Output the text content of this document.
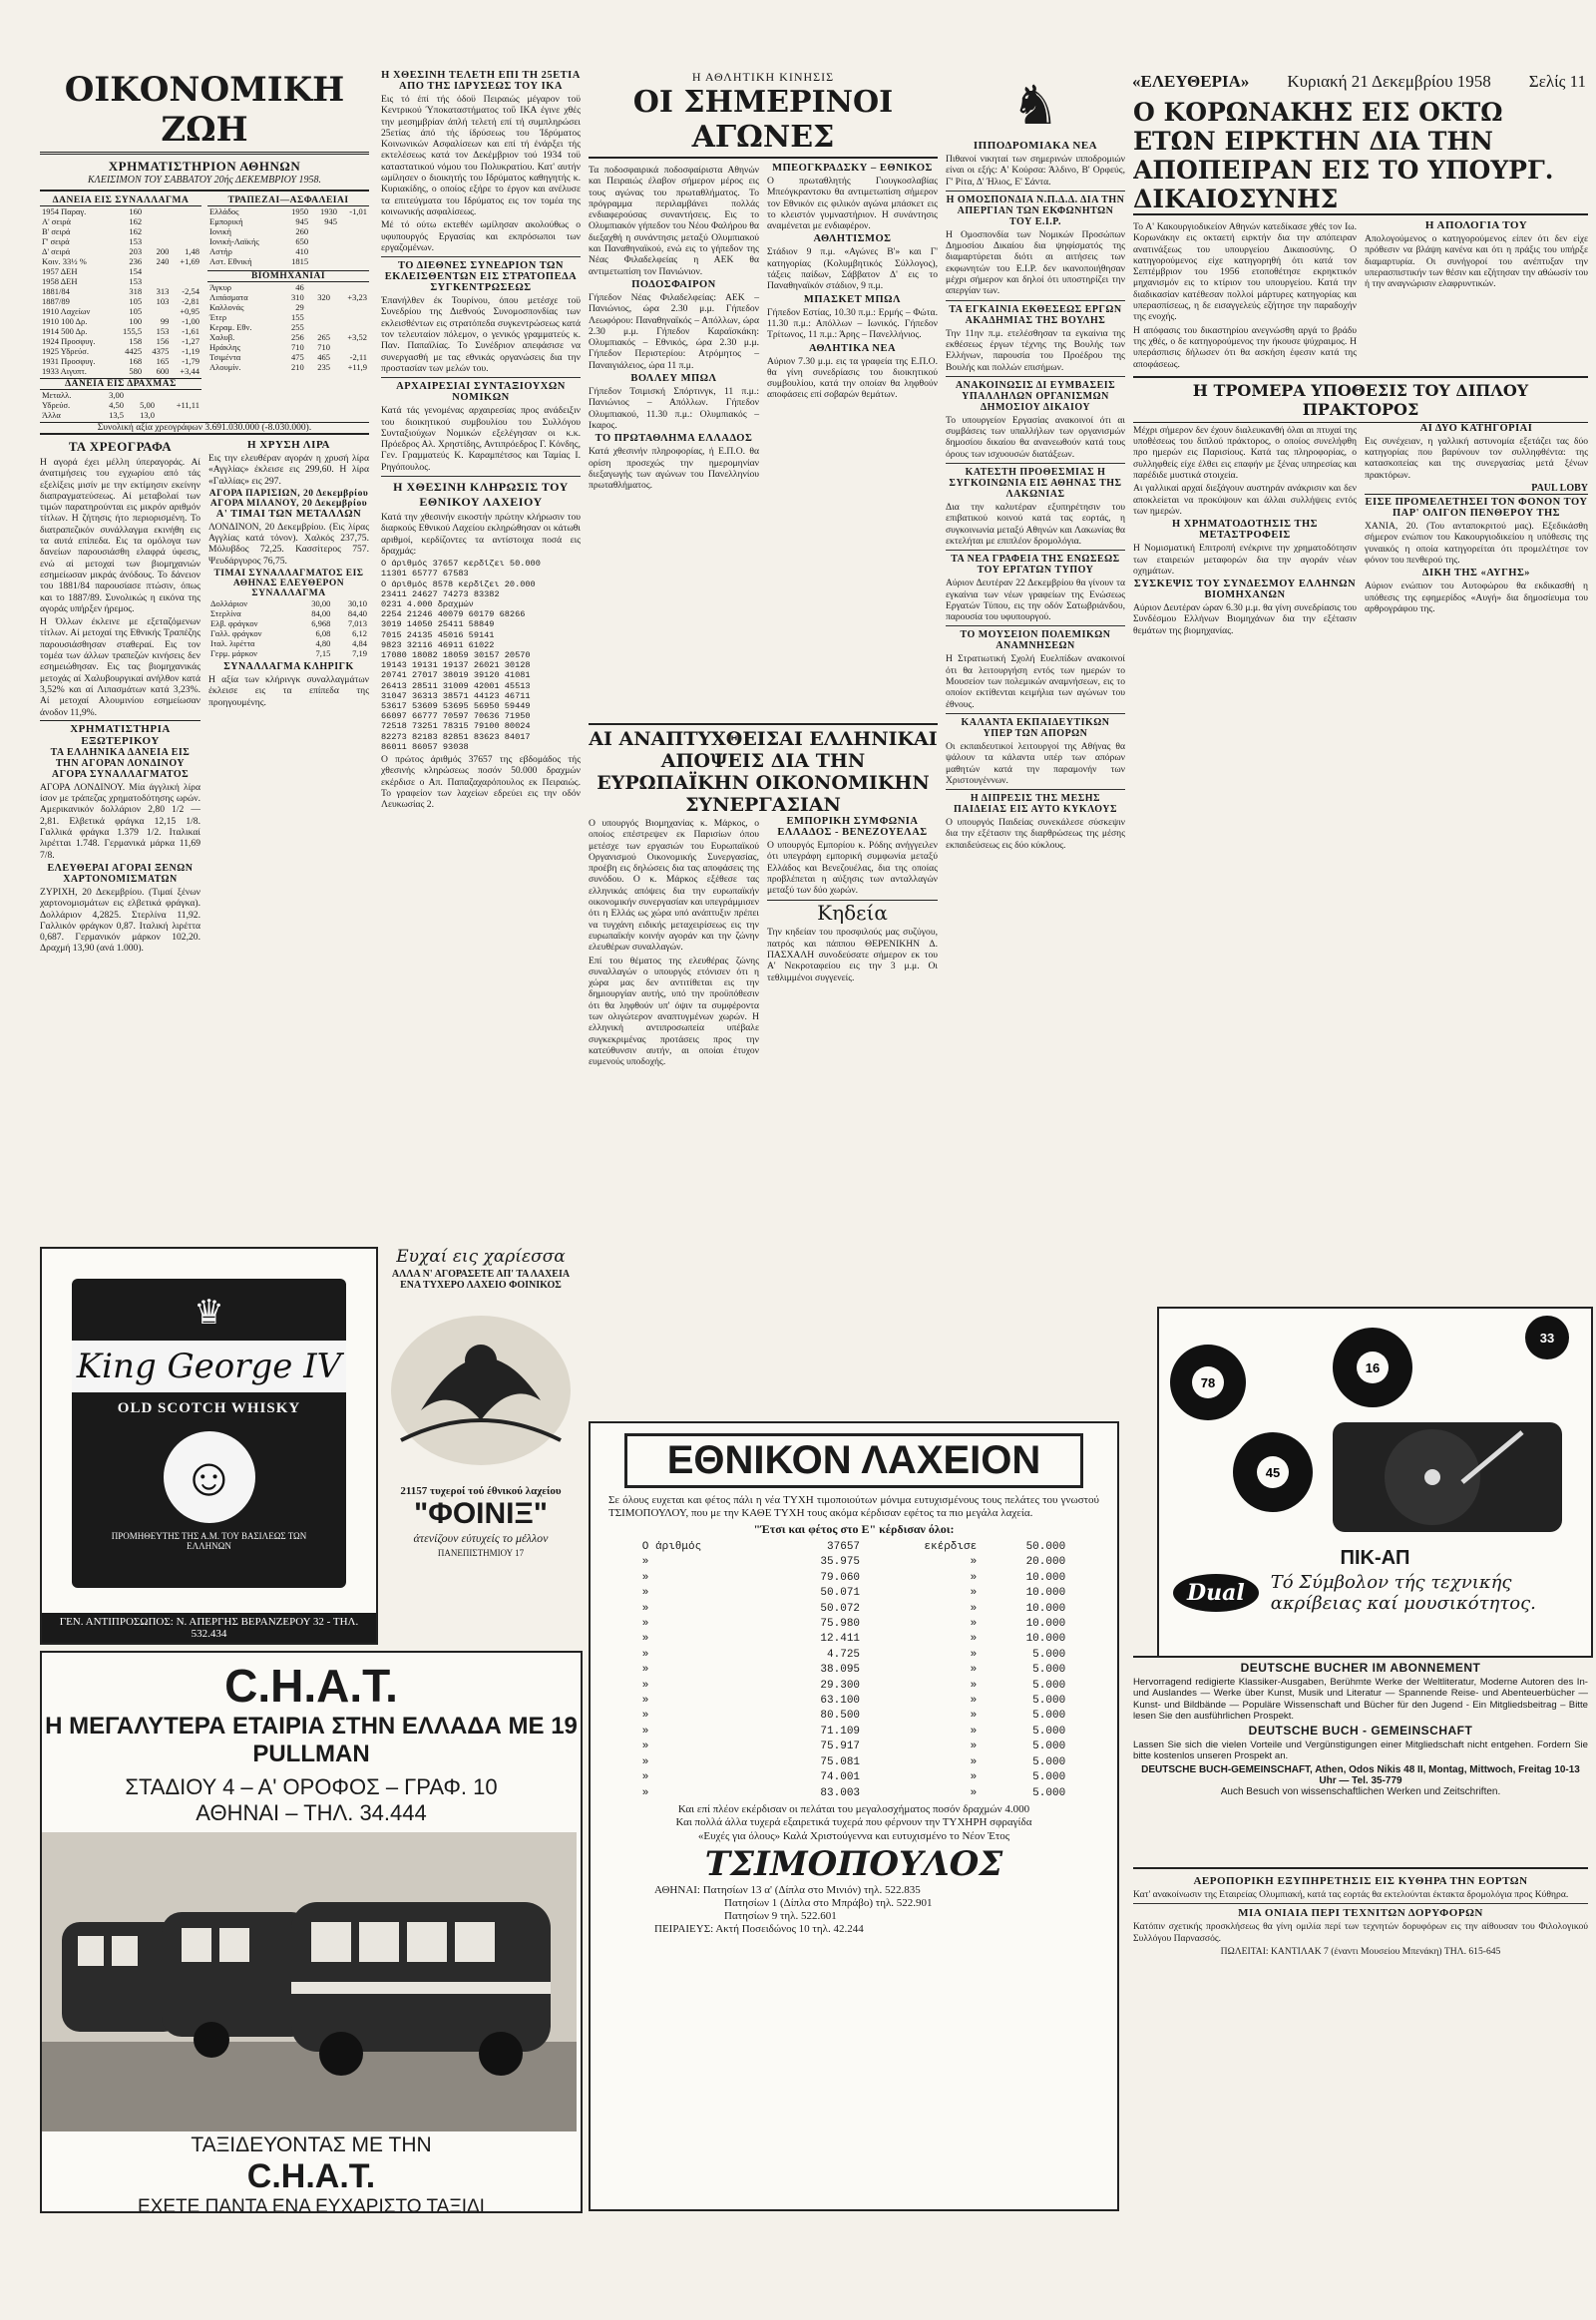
«ΕΛΕΥΘΕΡΙΑ» Κυριακή 21 Δεκεμβρίου 1958 Σελίς 11
ΟΙΚΟΝΟΜΙΚΗ ΖΩΗ
ΧΡΗΜΑΤΙΣΤΗΡΙΟΝ ΑΘΗΝΩΝ
ΚΛΕΙΣΙΜΟΝ ΤΟΥ ΣΑΒΒΑΤΟΥ 20ής ΔΕΚΕΜΒΡΙΟΥ 1958.
ΔΑΝΕΙΑ ΕΙΣ ΣΥΝΑΛΛΑΓΜΑ
1954 Παραγ.	160		
Α' σειρά	162		
Β' σειρά	162		
Γ' σειρά	153		
Δ' σειρά	203	200	1,48
Κοιν. 33½ %	236	240	+1,69
1957 ΔΕΗ	154		
1958 ΔΕΗ	153		
1881/84	318	313	-2,54
1887/89	105	103	-2,81
1910 Λαχείων	105		+0,95
1910 100 Δρ.	100	99	-1,00
1914 500 Δρ.	155,5	153	-1,61
1924 Προσφυγ.	158	156	-1,27
1925 Υδρεύσ.	4425	4375	-1,19
1931 Προσφυγ.	168	165	-1,79
1933 Αιγυπτ.	580	600	+3,44
ΔΑΝΕΙΑ ΕΙΣ ΔΡΑΧΜΑΣ
Μεταλλ.	3,00		
Υδρεύσ.	4,50	5,00	+11,11
Άλλα	13,5	13,0	
ΤΡΑΠΕΖΑΙ—ΑΣΦΑΛΕΙΑΙ
Ελλάδος	1950	1930	-1,01
Εμπορική	945	945	
Ιονική	260		
Ιονική-Λαϊκής	650		
Αστήρ	410		
Αστ. Εθνική	1815		
ΒΙΟΜΗΧΑΝΙΑΙ
Άγκυρ	46		
Λιπάσματα	310	320	+3,23
Καλλονάς	29		
Έτερ	155		
Κεραμ. Εθν.	255		
Χαλυβ.	256	265	+3,52
Ηράκλης	710	710	
Τσιμέντα	475	465	-2,11
Αλουμίν.	210	235	+11,9
Συνολική αξία χρεογράφων 3.691.030.000 (-8.030.000).
ΤΑ ΧΡΕΟΓΡΑΦΑ

Η αγορά έχει μέλλη ύπεραγοράς. Αί άνατιμήσεις του εγχωρίου από τάς εξελίξεις μισίν με την εκτίμησιν εκείνην διαπραγματεύσεως. Αί μεταβολαί των τιμών παρατηρούνται εις μικρόν αριθμόν τίτλων. Η ζήτησις ήτο περιορισμένη. Το διατραπεζικόν συνάλλαγμα εκινήθη εις τα αυτά επίπεδα. Εις τα ομόλογα των δανείων παρουσιάσθη ελαφρά ύφεσις, ενώ αί μετοχαί των βιομηχανιών εσημείωσαν μικράς άνόδους. Το δάνειον του 1881/84 παρουσίασε πτώσιν, όπως και το 1887/89. Συνολικώς η εικόνα της αγοράς υπήρξεν ήρεμος.

Η Όλλων έκλεινε με εξεταζόμενων τίτλων. Αί μετοχαί της Εθνικής Τραπέζης παρουσιάσθησαν σταθεραί. Εις τον τομέα των άλλων τραπεζών κινήσεις δεν εσημειώθησαν. Εις τας βιομηχανικάς μετοχάς αί Χαλυβουργικαί ανήλθον κατά 3,52% και αί Λιπασμάτων κατά 3,23%. Αί μετοχαί Αλουμινίου εσημείωσαν άνοδον 11,9%.

ΧΡΗΜΑΤΙΣΤΗΡΙΑ ΕΞΩΤΕΡΙΚΟΥ
ΤΑ ΕΛΛΗΝΙΚΑ ΔΑΝΕΙΑ ΕΙΣ ΤΗΝ ΑΓΟΡΑΝ ΛΟΝΔΙΝΟΥ
ΑΓΟΡΑ ΣΥΝΑΛΛΑΓΜΑΤΟΣ

ΑΓΟΡΑ ΛΟΝΔΙΝΟΥ. Μία άγγλική λίρα ίσον με τράπεζας χρηματοδότησης ωρών. Αμερικανικόν δολλάριον 2,80 1/2 — 2,81. Ελβετικά φράγκα 12,15 1/8. Γαλλικά φράγκα 1.379 1/2. Ιταλικαί λιρέτται 1.748. Γερμανικά μάρκα 11,69 7/8.

ΕΛΕΥΘΕΡΑΙ ΑΓΟΡΑΙ ΞΕΝΩΝ ΧΑΡΤΟΝΟΜΙΣΜΑΤΩΝ

ΖΥΡΙΧΗ, 20 Δεκεμβρίου. (Τιμαί ξένων χαρτονομισμάτων εις ελβετικά φράγκα). Δολλάριον 4,2825. Στερλίνα 11,92. Γαλλικόν φράγκον 0,87. Ιταλική λιρέττα 0,687. Γερμανικόν μάρκον 102,20. Δραχμή 13,90 (ανά 1.000).

Η ΧΡΥΣΗ ΛΙΡΑ

Εις την ελευθέραν αγοράν η χρυσή λίρα «Αγγλίας» έκλεισε εις 299,60. Η λίρα «Γαλλίας» εις 297.

ΑΓΟΡΑ ΠΑΡΙΣΙΩΝ, 20 Δεκεμβρίου
ΑΓΟΡΑ ΜΙΛΑΝΟΥ, 20 Δεκεμβρίου
Α' ΤΙΜΑΙ ΤΩΝ ΜΕΤΑΛΛΩΝ

ΛΟΝΔΙΝΟΝ, 20 Δεκεμβρίου. (Εις λίρας Αγγλίας κατά τόνον). Χαλκός 237,75. Μόλυβδος 72,25. Κασσίτερος 757. Ψευδάργυρος 76,75.

ΤΙΜΑΙ ΣΥΝΑΛΛΑΓΜΑΤΟΣ ΕΙΣ ΑΘΗΝΑΣ ΕΛΕΥΘΕΡΟΝ ΣΥΝΑΛΛΑΓΜΑ
Δολλάριον	30,00	30,10
Στερλίνα	84,00	84,40
Ελβ. φράγκον	6,968	7,013
Γαλλ. φράγκον	6,08	6,12
Ιταλ. λιρέττα	4,80	4,84
Γερμ. μάρκον	7,15	7,19
ΣΥΝΑΛΛΑΓΜΑ ΚΛΗΡΙΓΚ

Η αξία των κλήρινγκ συναλλαγμάτων έκλεισε εις τα επίπεδα της προηγουμένης.

♛
King George IV
OLD SCOTCH WHISKY
☺
ΠΡΟΜΗΘΕΥΤΗΣ ΤΗΣ Α.Μ. ΤΟΥ ΒΑΣΙΛΕΩΣ ΤΩΝ ΕΛΛΗΝΩΝ
ΓΕΝ. ΑΝΤΙΠΡΟΣΩΠΟΣ: Ν. ΑΠΕΡΓΗΣ ΒΕΡΑΝΖΕΡΟΥ 32 - ΤΗΛ. 532.434
C.H.A.T.
Η ΜΕΓΑΛΥΤΕΡΑ ΕΤΑΙΡΙΑ ΣΤΗΝ ΕΛΛΑΔΑ ΜΕ 19 PULLMAN
ΣΤΑΔΙΟΥ 4 – Α' ΟΡΟΦΟΣ – ΓΡΑΦ. 10
ΑΘΗΝΑΙ – ΤΗΛ. 34.444
ΤΑΞΙΔΕΥΟΝΤΑΣ ΜΕ ΤΗΝ
C.H.A.T.
ΕΧΕΤΕ ΠΑΝΤΑ ΕΝΑ ΕΥΧΑΡΙΣΤΟ ΤΑΞΙΔΙ
Η ΧΘΕΣΙΝΗ ΤΕΛΕΤΗ ΕΠΙ ΤΗ 25ΕΤΙΑ ΑΠΟ ΤΗΣ ΙΔΡΥΣΕΩΣ ΤΟΥ ΙΚΑ

Εις τό έπί τής όδοϋ Πειραιώς μέγαρον τοϋ Κεντρικού Ύποκαταστήματος τοΰ ΙΚΑ έγινε χθές την μεσημβρίαν άπλή τελετή επί τή συμπληρώσει 25ετίας άπό τής ίδρύσεως του Ίδρύματος Κοινωνικών Ασφαλίσεων και επί τή ένάρξει τής εκτελέσεως κατά τον Δεκέμβριον τού 1934 τοϋ καταστατικού νόμου του Πολυκρατίου. Κατ' αυτήν ωμίλησεν ο διοικητής του Ιδρύματος καθηγητής κ. Κυριακίδης, ο οποίος εξήρε το έργον και ανέλυσε τα επιτεύγματα του Ιδρύματος εις τον τομέα της κοινωνικής ασφαλίσεως.

Μέ τό ούτω εκτεθέν ωμίλησαν ακολούθως ο υφυπουργός Εργασίας και εκπρόσωποι των εργαζομένων.

ΤΟ ΔΙΕΘΝΕΣ ΣΥΝΕΔΡΙΟΝ ΤΩΝ ΕΚΛΕΙΣΘΕΝΤΩΝ ΕΙΣ ΣΤΡΑΤΟΠΕΔΑ ΣΥΓΚΕΝΤΡΩΣΕΩΣ

Έπανήλθεν έκ Τουρίνου, όπου μετέσχε τοϋ Συνεδρίου της Διεθνούς Συνομοσπονδίας των εκλεισθέντων εις στρατόπεδα συγκεντρώσεως κατά τον τελευταίον πόλεμον, ο γενικός γραμματεύς κ. Παν. Παπαϊλίας. Το Συνέδριον απεφάσισε να συνεργασθή με τας εθνικάς οργανώσεις δια την προστασίαν των μελών του.

ΑΡΧΑΙΡΕΣΙΑΙ ΣΥΝΤΑΞΙΟΥΧΩΝ ΝΟΜΙΚΩΝ

Κατά τάς γενομένας αρχαιρεσίας προς ανάδειξιν του διοικητικού συμβουλίου του Συλλόγου Συνταξιούχων Νομικών εξελέγησαν οι κ.κ. Πρόεδρος Αλ. Χρηστίδης, Αντιπρόεδρος Γ. Κόνδης, Γεν. Γραμματεύς Κ. Καραμπέτσος και Ταμίας Ι. Ρηγόπουλος.

Η ΧΘΕΣΙΝΗ ΚΛΗΡΩΣΙΣ ΤΟΥ ΕΘΝΙΚΟΥ ΛΑΧΕΙΟΥ

Κατά την χθεσινήν εικοστήν πρώτην κλήρωσιν του διαρκούς Εθνικού Λαχείου εκληρώθησαν οι κάτωθι αριθμοί, κερδίζοντες τα αντίστοιχα ποσά εις δραχμάς:

Ο άριθμός 37657 κερδίζει 50.000
11301 65777 67583
Ο άριθμός 8578 κερδίζει 20.000
23411 24627 74273 83382
0231 4.000 δραχμών
2254 21246 40079 60179 68266
3019 14050 25411 58849
7015 24135 45016 59141
9823 32116 46911 61022
17080 18082 18059 30157 20570
19143 19131 19137 26021 30128
20741 27017 38019 39120 41081
26413 28511 31009 42001 45513
31047 36313 38571 44123 46711
53617 53609 53695 56950 59449
66097 66777 70597 70636 71950
72518 73251 78315 79100 80024
82273 82183 82851 83623 84017
86011 86057 93038

Ο πρώτος άριθμός 37657 της εβδομάδος τής χθεσινής κληρώσεως ποσόν 50.000 δραχμών εκέρδισε ο Απ. Παπαζαχαρόπουλος εκ Πειραιώς. Το γραφείον των λαχείων εδρεύει εις την οδόν Λευκωσίας 2.

Ευχαί εις χαρίεσσα
ΑΛΛΑ Ν' ΑΓΟΡΑΣΕΤΕ ΑΠ' ΤΑ ΛΑΧΕΙΑ ΕΝΑ ΤΥΧΕΡΟ ΛΑΧΕΙΟ ΦΟΙΝΙΚΟΣ
21157 τυχεροί τού έθνικού λαχείου
"ΦΟΙΝΙΞ"
άτενίζουν εύτυχείς το μέλλον
ΠΑΝΕΠΙΣΤΗΜΙΟΥ 17
Η ΑΘΛΗΤΙΚΗ ΚΙΝΗΣΙΣ
ΟΙ ΣΗΜΕΡΙΝΟΙ ΑΓΩΝΕΣ

Τα ποδοσφαιρικά ποδοσφαίριστα Αθηνών και Πειραιώς έλαβον σήμερον μέρος εις τους αγώνας του πρωταθλήματος. Το πρόγραμμα περιλαμβάνει πολλάς ενδιαφερούσας συναντήσεις. Εις το Ολυμπιακόν γήπεδον του Νέου Φαλήρου θα διεξαχθή η συνάντησις μεταξύ Ολυμπιακού και Παναθηναϊκού, ενώ εις το γήπεδον της Νέας Φιλαδελφείας η ΑΕΚ θα αντιμετωπίση τον Πανιώνιον.

ΠΟΔΟΣΦΑΙΡΟΝ

Γήπεδον Νέας Φιλαδελφείας: ΑΕΚ – Πανιώνιος, ώρα 2.30 μ.μ. Γήπεδον Λεωφόρου: Παναθηναϊκός – Απόλλων, ώρα 2.30 μ.μ. Γήπεδον Καραϊσκάκη: Ολυμπιακός – Εθνικός, ώρα 2.30 μ.μ. Γήπεδον Περιστερίου: Ατρόμητος – Παναιγιάλειος, ώρα 11 π.μ.

ΒΟΛΛΕΥ ΜΠΩΛ

Γήπεδον Τσιμισκή Σπόρτινγκ, 11 π.μ.: Πανιώνιος – Απόλλων. Γήπεδον Ολυμπιακού, 11.30 π.μ.: Ολυμπιακός – Ικαρος.

ΤΟ ΠΡΩΤΑΘΛΗΜΑ ΕΛΛΑΔΟΣ

Κατά χθεσινήν πληροφορίας, ή Ε.Π.Ο. θα ορίση προσεχώς την ημερομηνίαν διεξαγωγής των αγώνων του Πανελληνίου πρωταθλήματος.

ΜΠΕΟΓΚΡΑΔΣΚΥ – ΕΘΝΙΚΟΣ

Ο πρωταθλητής Γιουγκοσλαβίας Μπεόγκραντσκυ θα αντιμετωπίση σήμερον τον Εθνικόν εις φιλικόν αγώνα μπάσκετ εις το κλειστόν γυμναστήριον. Η συνάντησις αναμένεται με ενδιαφέρον.

ΑΘΛΗΤΙΣΜΟΣ

Στάδιον 9 π.μ. «Αγώνες Β'» και Γ' κατηγορίας (Κολυμβητικός Σύλλογος), τάξεις παίδων, Σάββατον Δ' εις το Παναθηναϊκόν στάδιον, 9 π.μ.

ΜΠΑΣΚΕΤ ΜΠΩΛ

Γήπεδον Εστίας, 10.30 π.μ.: Ερμής – Φώτα. 11.30 π.μ.: Απόλλων – Ιωνικός. Γήπεδον Τρίτωνος, 11 π.μ.: Άρης – Πανελλήνιος.

ΑΘΛΗΤΙΚΑ ΝΕΑ

Αύριον 7.30 μ.μ. εις τα γραφεία της Ε.Π.Ο. θα γίνη συνεδρίασις του διοικητικού συμβουλίου, κατά την οποίαν θα ληφθούν αποφάσεις επί σοβαρών θεμάτων.

♞
ΙΠΠΟΔΡΟΜΙΑΚΑ ΝΕΑ

Πιθανοί νικηταί των σημερινών ιπποδρομιών είναι οι εξής: Α' Κούρσα: Άλδινο, Β' Ορφεύς, Γ' Ρίτα, Δ' Ήλιος, Ε' Σάντα.

Η ΟΜΟΣΠΟΝΔΙΑ Ν.Π.Δ.Δ. ΔΙΑ ΤΗΝ ΑΠΕΡΓΙΑΝ ΤΩΝ ΕΚΦΩΝΗΤΩΝ ΤΟΥ Ε.Ι.Ρ.

Η Ομοσπονδία των Νομικών Προσώπων Δημοσίου Δικαίου δια ψηφίσματός της διαμαρτύρεται διότι αι αιτήσεις των εκφωνητών του Ε.Ι.Ρ. δεν ικανοποιήθησαν μέχρι σήμερον και δηλοί ότι υποστηρίζει την απεργίαν των.

ΤΑ ΕΓΚΑΙΝΙΑ ΕΚΘΕΣΕΩΣ ΕΡΓΩΝ ΑΚΑΔΗΜΙΑΣ ΤΗΣ ΒΟΥΛΗΣ

Την 11ην π.μ. ετελέσθησαν τα εγκαίνια της εκθέσεως έργων τέχνης της Βουλής των Ελλήνων, παρουσία του Προέδρου της Βουλής και πολλών επισήμων.

ΑΝΑΚΟΙΝΩΣΙΣ ΔΙ ΕΥΜΒΑΣΕΙΣ ΥΠΑΛΛΗΛΩΝ ΟΡΓΑΝΙΣΜΩΝ ΔΗΜΟΣΙΟΥ ΔΙΚΑΙΟΥ

Το υπουργείον Εργασίας ανακοινοί ότι αι συμβάσεις των υπαλλήλων των οργανισμών δημοσίου δικαίου θα ανανεωθούν κατά τους όρους των ισχυουσών διατάξεων.

ΚΑΤΕΣΤΗ ΠΡΟΘΕΣΜΙΑΣ Η ΣΥΓΚΟΙΝΩΝΙΑ ΕΙΣ ΑΘΗΝΑΣ ΤΗΣ ΛΑΚΩΝΙΑΣ

Δια την καλυτέραν εξυπηρέτησιν του επιβατικού κοινού κατά τας εορτάς, η συγκοινωνία μεταξύ Αθηνών και Λακωνίας θα εκτελήται με επιπλέον δρομολόγια.

ΤΑ ΝΕΑ ΓΡΑΦΕΙΑ ΤΗΣ ΕΝΩΣΕΩΣ ΤΟΥ ΕΡΓΑΤΩΝ ΤΥΠΟΥ

Αύριον Δευτέραν 22 Δεκεμβρίου θα γίνουν τα εγκαίνια των νέων γραφείων της Ενώσεως Εργατών Τύπου, εις την οδόν Σατωβριάνδου, παρουσία του υφυπουργού.

ΤΟ ΜΟΥΣΕΙΟΝ ΠΟΛΕΜΙΚΩΝ ΑΝΑΜΝΗΣΕΩΝ

Η Στρατιωτική Σχολή Ευελπίδων ανακοινοί ότι θα λειτουργήση εντός των ημερών το Μουσείον των πολεμικών αναμνήσεων, εις το οποίον εκτίθενται κειμήλια των αγώνων του έθνους.

ΚΑΛΑΝΤΑ ΕΚΠΑΙΔΕΥΤΙΚΩΝ ΥΠΕΡ ΤΩΝ ΑΠΟΡΩΝ

Οι εκπαιδευτικοί λειτουργοί της Αθήνας θα ψάλουν τα κάλαντα υπέρ των απόρων μαθητών κατά την παραμονήν των Χριστουγέννων.

Η ΔΙΠΡΕΣΙΣ ΤΗΣ ΜΕΣΗΣ ΠΑΙΔΕΙΑΣ ΕΙΣ ΑΥΤΟ ΚΥΚΛΟΥΣ

Ο υπουργός Παιδείας συνεκάλεσε σύσκεψιν δια την εξέτασιν της διαρθρώσεως της μέσης εκπαιδεύσεως εις δύο κύκλους.

ΑΙ ΑΝΑΠΤΥΧΘΕΙΣΑΙ ΕΛΛΗΝΙΚΑΙ ΑΠΟΨΕΙΣ ΔΙΑ ΤΗΝ ΕΥΡΩΠΑΪΚΗΝ ΟΙΚΟΝΟΜΙΚΗΝ ΣΥΝΕΡΓΑΣΙΑΝ

Ο υπουργός Βιομηχανίας κ. Μάρκος, ο οποίος επέστρεψεν εκ Παρισίων όπου μετέσχε των εργασιών του Ευρωπαϊκού Οργανισμού Οικονομικής Συνεργασίας, προέβη εις δηλώσεις δια τας αποφάσεις της συνόδου. Ο κ. Μάρκος εξέθεσε τας ελληνικάς απόψεις δια την ευρωπαϊκήν οικονομικήν συνεργασίαν και υπεγράμμισεν ότι η Ελλάς ως χώρα υπό ανάπτυξιν πρέπει να τυγχάνη ειδικής μεταχειρίσεως εις την ευρωπαϊκήν κοινήν αγοράν και την ζώνην ελευθέρων συναλλαγών.

Επί του θέματος της ελευθέρας ζώνης συναλλαγών ο υπουργός ετόνισεν ότι η χώρα μας δεν αντιτίθεται εις την δημιουργίαν αυτής, υπό την προϋπόθεσιν ότι θα ληφθούν υπ' όψιν τα συμφέροντα των ολιγώτερον αναπτυγμένων χωρών. Η ελληνική αντιπροσωπεία υπέβαλε συγκεκριμένας προτάσεις προς την κατεύθυνσιν αυτήν, αι οποίαι έτυχον ευμενούς υποδοχής.

ΕΜΠΟΡΙΚΗ ΣΥΜΦΩΝΙΑ ΕΛΛΑΔΟΣ - ΒΕΝΕΖΟΥΕΛΑΣ

Ο υπουργός Εμπορίου κ. Ρόδης ανήγγειλεν ότι υπεγράφη εμπορική συμφωνία μεταξύ Ελλάδος και Βενεζουέλας, δια της οποίας προβλέπεται η αύξησις των ανταλλαγών μεταξύ των δύο χωρών.

Κηδεία

Την κηδείαν του προσφιλούς μας συζύγου, πατρός και πάππου ΘΕΡΕΝΙΚΗΝ Δ. ΠΑΣΧΑΛΗ συνοδεύσατε σήμερον εκ του Α' Νεκροταφείου εις την 3 μ.μ. Οι τεθλιμμένοι συγγενείς.

ΕΘΝΙΚΟΝ ΛΑΧΕΙΟΝ

Σε όλους ευχεται και φέτος πάλι η νέα ΤΥΧΗ τιμοποιούτων μόνιμα ευτυχισμένους τους πελάτες του γνωστού ΤΣΙΜΟΠΟΥΛΟΥ, που με την ΚΑΘΕ ΤΥΧΗ τους ακόμα κέρδισαν εφέτος τα πιο μεγάλα λαχεία.

"Έτσι και φέτος στο Ε" κέρδισαν όλοι:
Ο άριθμός	37657	εκέρδισε	50.000
»	35.975	»	20.000
»	79.060	»	10.000
»	50.071	»	10.000
»	50.072	»	10.000
»	75.980	»	10.000
»	12.411	»	10.000
»	4.725	»	5.000
»	38.095	»	5.000
»	29.300	»	5.000
»	63.100	»	5.000
»	80.500	»	5.000
»	71.109	»	5.000
»	75.917	»	5.000
»	75.081	»	5.000
»	74.001	»	5.000
»	83.003	»	5.000

Και επί πλέον εκέρδισαν οι πελάται του μεγαλοσχήματος ποσόν δραχμών 4.000

Και πολλά άλλα τυχερά εξαιρετικά τυχερά που φέρνουν την ΤΥΧΗΡΗ σφραγίδα

«Ευχές για όλους» Καλά Χριστούγεννα και ευτυχισμένο το Νέον Έτος

ΤΣΙΜΟΠΟΥΛΟΣ
ΑΘΗΝΑΙ: Πατησίων 13 α' (Δίπλα στο Μινιόν) τηλ. 522.835
Πατησίων 1 (Δίπλα στο Μπράβο) τηλ. 522.901
Πατησίων 9 τηλ. 522.601
ΠΕΙΡΑΙΕΥΣ: Ακτή Ποσειδώνος 10 τηλ. 42.244
Ο ΚΟΡΩΝΑΚΗΣ ΕΙΣ ΟΚΤΩ ΕΤΩΝ ΕΙΡΚΤΗΝ ΔΙΑ ΤΗΝ ΑΠΟΠΕΙΡΑΝ ΕΙΣ ΤΟ ΥΠΟΥΡΓ. ΔΙΚΑΙΟΣΥΝΗΣ

Το Α' Κακουργιοδικείον Αθηνών κατεδίκασε χθές τον Ιω. Κορωνάκην εις οκταετή ειρκτήν δια την απόπειραν ανατινάξεως του υπουργείου Δικαιοσύνης. Ο κατηγορούμενος είχε κατηγορηθή ότι κατά τον Σεπτέμβριον του 1956 ετοποθέτησε εκρηκτικόν μηχανισμόν εις το κτίριον του υπουργείου. Κατά την διαδικασίαν κατέθεσαν πολλοί μάρτυρες κατηγορίας και υπερασπίσεως, η δε εισαγγελεύς εζήτησε την παραδοχήν της ενοχής.

Η απόφασις του δικαστηρίου ανεγνώσθη αργά το βράδυ της χθές, ο δε κατηγορούμενος την ήκουσε ψύχραιμος. Η υπεράσπισις δήλωσεν ότι θα ασκήση έφεσιν κατά της αποφάσεως.

Η ΑΠΟΛΟΓΙΑ ΤΟΥ

Απολογούμενος ο κατηγορούμενος είπεν ότι δεν είχε πρόθεσιν να βλάψη κανένα και ότι η πράξις του υπήρξε διαμαρτυρία. Οι συνήγοροί του ανέπτυξαν την υπερασπιστικήν των θέσιν και εζήτησαν την αθώωσίν του ή την αναγνώρισιν ελαφρυντικών.

Η ΤΡΟΜΕΡΑ ΥΠΟΘΕΣΙΣ ΤΟΥ ΔΙΠΛΟΥ ΠΡΑΚΤΟΡΟΣ

Μέχρι σήμερον δεν έχουν διαλευκανθή όλαι αι πτυχαί της υποθέσεως του διπλού πράκτορος, ο οποίος συνελήφθη προ ημερών εις Παρισίους. Κατά τας πληροφορίας, ο συλληφθείς είχε έλθει εις επαφήν με ξένας υπηρεσίας και παρέδιδε μυστικά στοιχεία.

Αι γαλλικαί αρχαί διεξάγουν αυστηράν ανάκρισιν και δεν αποκλείεται να προκύψουν και άλλαι συλλήψεις εντός των ημερών.

Η ΧΡΗΜΑΤΟΔΟΤΗΣΙΣ ΤΗΣ ΜΕΤΑΣΤΡΟΦΕΙΣ

Η Νομισματική Επιτροπή ενέκρινε την χρηματοδότησιν των εταιρειών μεταφορών δια την αγοράν νέων οχημάτων.

ΣΥΣΚΕΨΙΣ ΤΟΥ ΣΥΝΔΕΣΜΟΥ ΕΛΛΗΝΩΝ ΒΙΟΜΗΧΑΝΩΝ

Αύριον Δευτέραν ώραν 6.30 μ.μ. θα γίνη συνεδρίασις του Συνδέσμου Ελλήνων Βιομηχάνων δια την εξέτασιν θεμάτων της βιομηχανίας.

ΑΙ ΔΥΟ ΚΑΤΗΓΟΡΙΑΙ

Εις συνέχειαν, η γαλλική αστυνομία εξετάζει τας δύο κατηγορίας που βαρύνουν τον συλληφθέντα: της κατασκοπείας και της συνεργασίας μετά ξένων πρακτόρων.

PAUL LOBY
ΕΙΣΕ ΠΡΟΜΕΛΕΤΗΣΕΙ ΤΟΝ ΦΟΝΟΝ ΤΟΥ ΠΑΡ' ΟΛΙΓΟΝ ΠΕΝΘΕΡΟΥ ΤΗΣ

ΧΑΝΙΑ, 20. (Του ανταποκριτού μας). Εξεδικάσθη σήμερον ενώπιον του Κακουργιοδικείου η υπόθεσις της γυναικός η οποία κατηγορείται ότι προμελέτησε τον φόνον του πενθερού της.

ΔΙΚΗ ΤΗΣ «ΑΥΓΗΣ»

Αύριον ενώπιον του Αυτοφώρου θα εκδικασθή η υπόθεσις της εφημερίδος «Αυγή» δια δημοσίευμα του αρθρογράφου της.

78
16
33
45
ΠΙΚ-ΑΠ
Dual	Τό Σύμβολον τής τεχνικής ακρίβειας καί μουσικότητος.
DEUTSCHE BUCHER IM ABONNEMENT

Hervorragend redigierte Klassiker-Ausgaben, Berühmte Werke der Weltliteratur, Moderne Autoren des In- und Auslandes — Werke über Kunst, Musik und Literatur — Spannende Reise- und Abenteuerbücher — Kunst- und Bildbände — Populäre Wissenschaft und Bücher für den Jugend - Ein Mitgliedsbeitrag – Bitte lesen Sie den ausführlichen Prospekt.

DEUTSCHE BUCH - GEMEINSCHAFT

Lassen Sie sich die vielen Vorteile und Vergünstigungen einer Mitgliedschaft nicht entgehen. Fordern Sie bitte kostenlos unseren Prospekt an.

DEUTSCHE BUCH-GEMEINSCHAFT, Athen, Odos Nikis 48 II, Montag, Mittwoch, Freitag 10-13 Uhr — Tel. 35-779
Auch Besuch von wissenschaftlichen Werken und Zeitschriften.
ΑΕΡΟΠΟΡΙΚΗ ΕΞΥΠΗΡΕΤΗΣΙΣ ΕΙΣ ΚΥΘΗΡΑ ΤΗΝ ΕΟΡΤΩΝ

Κατ' ανακοίνωσιν της Εταιρείας Ολυμπιακή, κατά τας εορτάς θα εκτελούνται έκτακτα δρομολόγια προς Κύθηρα.

ΜΙΑ ΟΝΙΑΙΑ ΠΕΡΙ ΤΕΧΝΙΤΩΝ ΔΟΡΥΦΟΡΩΝ

Κατόπιν σχετικής προσκλήσεως θα γίνη ομιλία περί των τεχνητών δορυφόρων εις την αίθουσαν του Φιλολογικού Συλλόγου Παρνασσός.

ΠΩΛΕΙΤΑΙ: ΚΑΝΤΙΛΑΚ 7 (έναντι Μουσείου Μπενάκη) ΤΗΛ. 615-645
